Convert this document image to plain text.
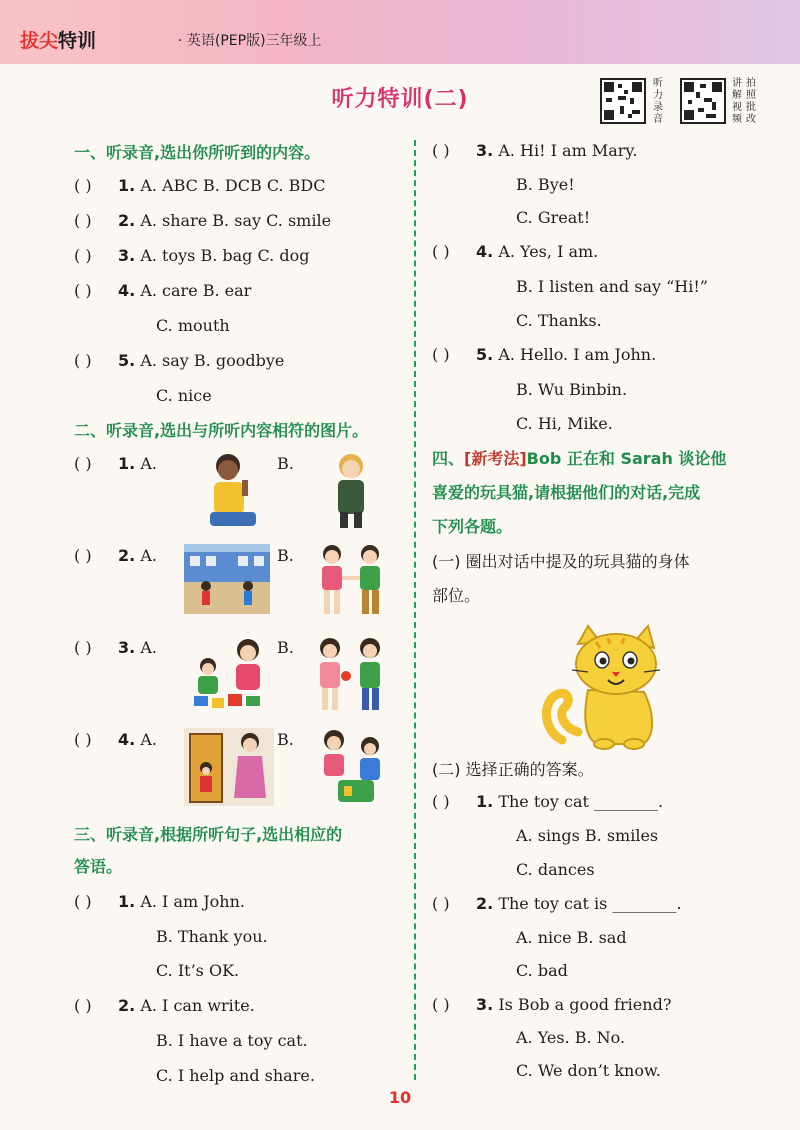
拔尖特训	· 英语(PEP版)三年级上
听力特训(二)
听力录音
讲解视频
拍照批改
一、听录音,选出你所听到的内容。
( ) 1. A. ABC B. DCB C. BDC
( ) 2. A. share B. say C. smile
( ) 3. A. toys B. bag C. dog
( ) 4. A. care B. ear
C. mouth
( ) 5. A. say B. goodbye
C. nice
二、听录音,选出与所听内容相符的图片。
( ) 1. A.	B.
( ) 2. A.	B.
( ) 3. A.	B.
( ) 4. A.	B.
三、听录音,根据所听句子,选出相应的
答语。
( ) 1. A. I am John.
B. Thank you.
C. It’s OK.
( ) 2. A. I can write.
B. I have a toy cat.
C. I help and share.
( ) 3. A. Hi! I am Mary.
B. Bye!
C. Great!
( ) 4. A. Yes, I am.
B. I listen and say “Hi!”
C. Thanks.
( ) 5. A. Hello. I am John.
B. Wu Binbin.
C. Hi, Mike.
四、[新考法]Bob 正在和 Sarah 谈论他
喜爱的玩具猫,请根据他们的对话,完成
下列各题。
(一) 圈出对话中提及的玩具猫的身体
部位。
(二) 选择正确的答案。
( ) 1. The toy cat ________.
A. sings B. smiles
C. dances
( ) 2. The toy cat is ________.
A. nice B. sad
C. bad
( ) 3. Is Bob a good friend?
A. Yes. B. No.
C. We don’t know.
10
